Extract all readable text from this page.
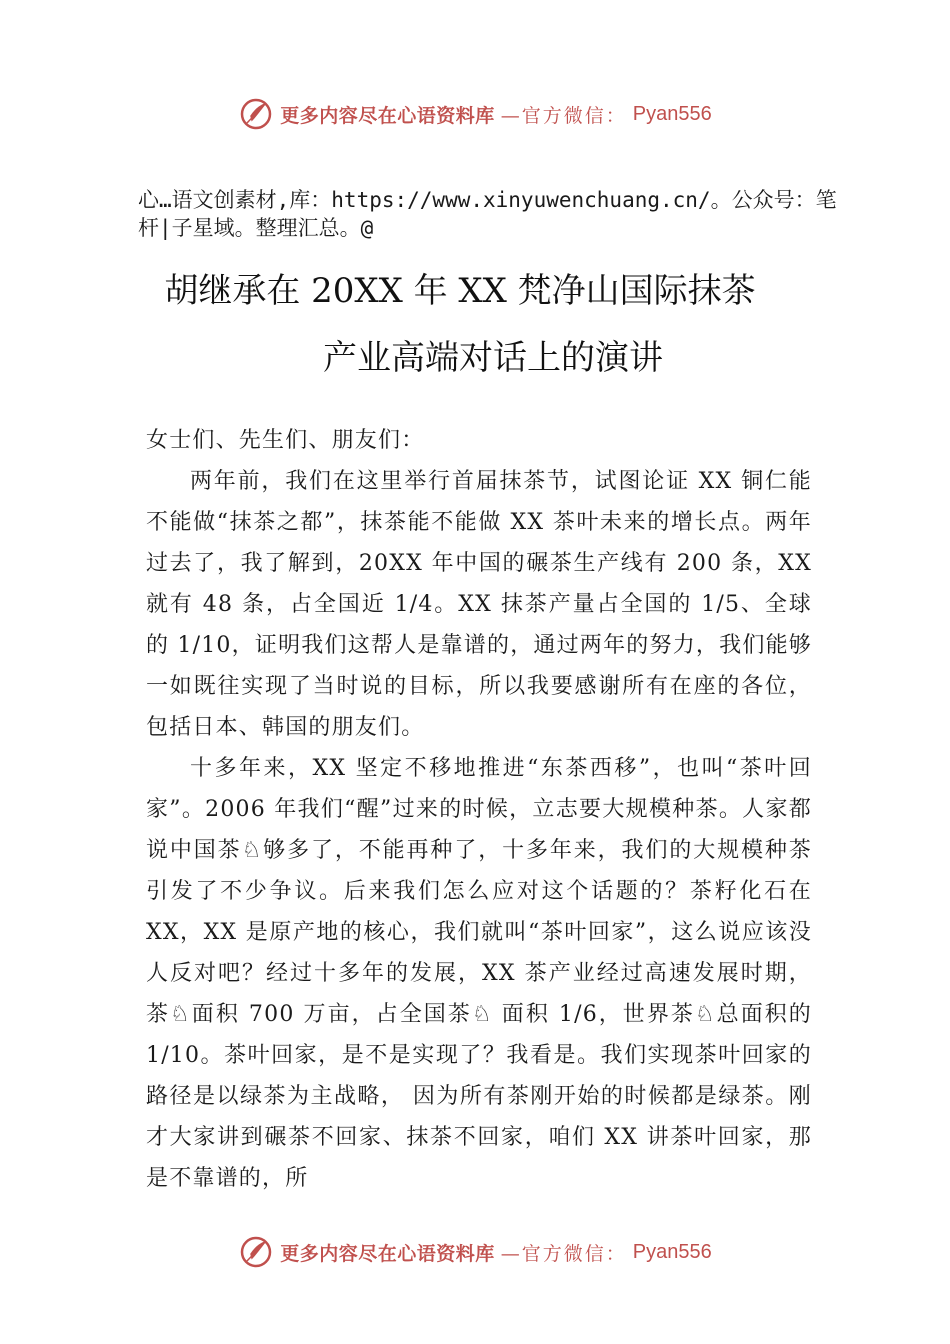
更多内容尽在心语资料库 —官方微信： Pyan556
心…语文创素材,库：https://www.xinyuwenchuang.cn/。公众号：笔杆|子星域。整理汇总。@
胡继承在 20XX 年 XX 梵净山国际抹茶
产业高端对话上的演讲

女士们、先生们、朋友们：

两年前，我们在这里举行首届抹茶节，试图论证 XX 铜仁能不能做“抹茶之都”，抹茶能不能做 XX 茶叶未来的增长点。两年过去了，我了解到，20XX 年中国的碾茶生产线有 200 条，XX 就有 48 条，占全国近 1/4。XX 抹茶产量占全国的 1/5、全球的 1/10，证明我们这帮人是靠谱的，通过两年的努力，我们能够一如既往实现了当时说的目标，所以我要感谢所有在座的各位，包括日本、韩国的朋友们。

十多年来，XX 坚定不移地推进“东茶西移”，也叫“茶叶回家”。2006 年我们“醒”过来的时候，立志要大规模种茶。人家都说中国茶♘够多了，不能再种了，十多年来，我们的大规模种茶引发了不少争议。后来我们怎么应对这个话题的？茶籽化石在 XX，XX 是原产地的核心，我们就叫“茶叶回家”，这么说应该没人反对吧？经过十多年的发展，XX 茶产业经过高速发展时期，茶♘面积 700 万亩，占全国茶♘ 面积 1/6，世界茶♘总面积的 1/10。茶叶回家，是不是实现了？我看是。我们实现茶叶回家的路径是以绿茶为主战略， 因为所有茶刚开始的时候都是绿茶。刚才大家讲到碾茶不回家、抹茶不回家，咱们 XX 讲茶叶回家，那是不靠谱的，所

更多内容尽在心语资料库 —官方微信： Pyan556
